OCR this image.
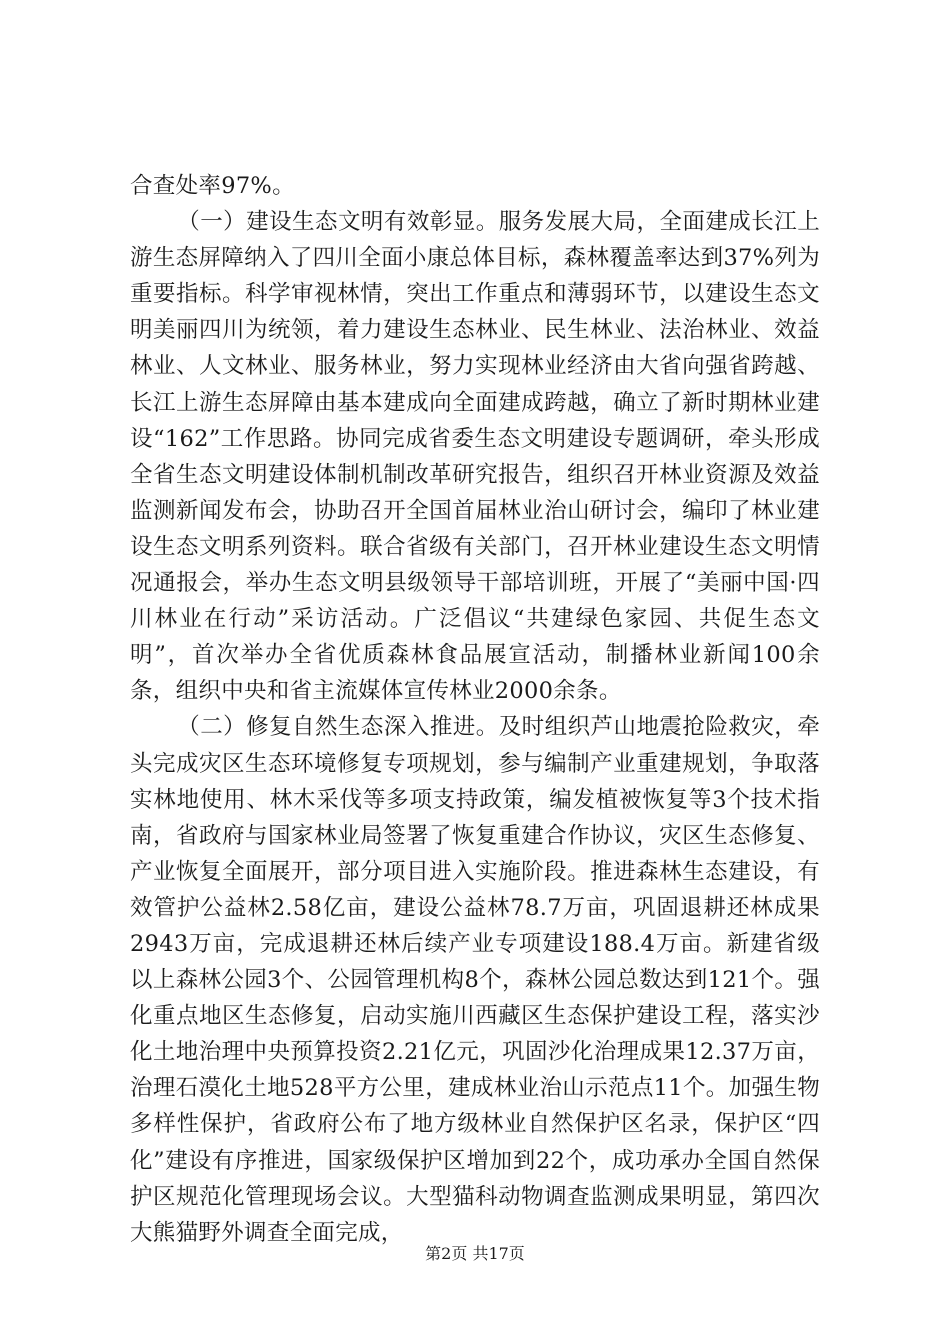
合查处率97%。

（一）建设生态文明有效彰显。服务发展大局，全面建成长江上游生态屏障纳入了四川全面小康总体目标，森林覆盖率达到37%列为重要指标。科学审视林情，突出工作重点和薄弱环节，以建设生态文明美丽四川为统领，着力建设生态林业、民生林业、法治林业、效益林业、人文林业、服务林业，努力实现林业经济由大省向强省跨越、长江上游生态屏障由基本建成向全面建成跨越，确立了新时期林业建设“162”工作思路。协同完成省委生态文明建设专题调研，牵头形成全省生态文明建设体制机制改革研究报告，组织召开林业资源及效益监测新闻发布会，协助召开全国首届林业治山研讨会，编印了林业建设生态文明系列资料。联合省级有关部门，召开林业建设生态文明情况通报会，举办生态文明县级领导干部培训班，开展了“美丽中国·四川林业在行动”采访活动。广泛倡议“共建绿色家园、共促生态文明”，首次举办全省优质森林食品展宣活动，制播林业新闻100余条，组织中央和省主流媒体宣传林业2000余条。

（二）修复自然生态深入推进。及时组织芦山地震抢险救灾，牵头完成灾区生态环境修复专项规划，参与编制产业重建规划，争取落实林地使用、林木采伐等多项支持政策，编发植被恢复等3个技术指南，省政府与国家林业局签署了恢复重建合作协议，灾区生态修复、产业恢复全面展开，部分项目进入实施阶段。推进森林生态建设，有效管护公益林2.58亿亩，建设公益林78.7万亩，巩固退耕还林成果2943万亩，完成退耕还林后续产业专项建设188.4万亩。新建省级以上森林公园3个、公园管理机构8个，森林公园总数达到121个。强化重点地区生态修复，启动实施川西藏区生态保护建设工程，落实沙化土地治理中央预算投资2.21亿元，巩固沙化治理成果12.37万亩，治理石漠化土地528平方公里，建成林业治山示范点11个。加强生物多样性保护，省政府公布了地方级林业自然保护区名录，保护区“四化”建设有序推进，国家级保护区增加到22个，成功承办全国自然保护区规范化管理现场会议。大型猫科动物调查监测成果明显，第四次大熊猫野外调查全面完成，

第2页 共17页
